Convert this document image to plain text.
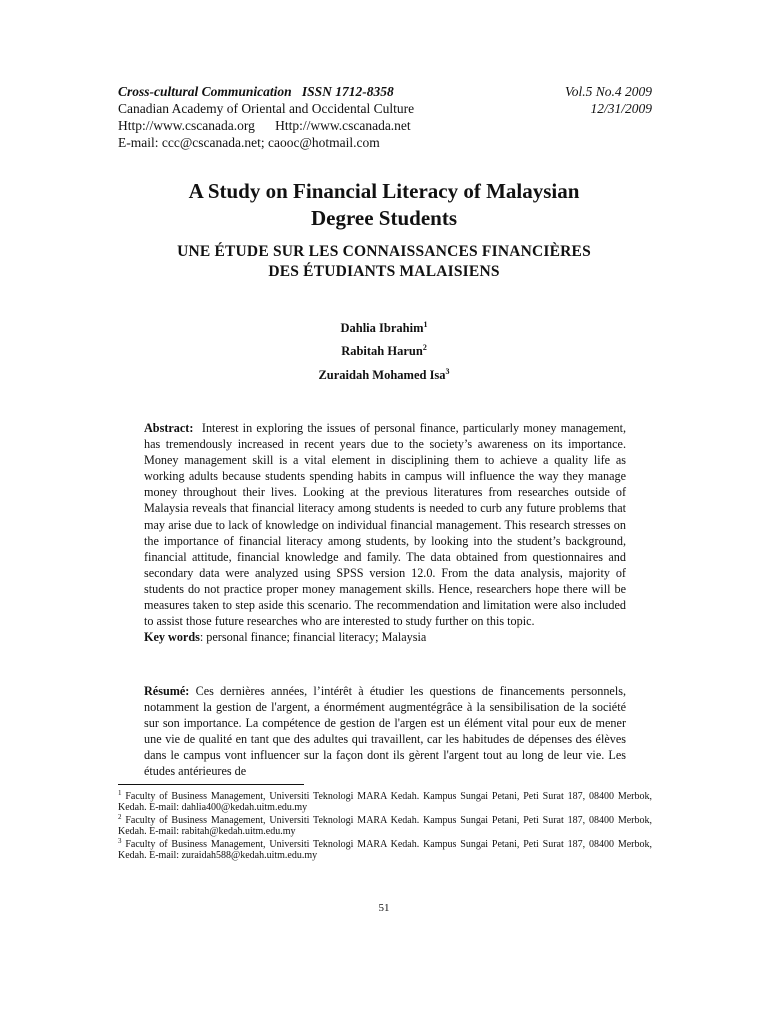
Cross-cultural Communication ISSN 1712-8358	Vol.5 No.4 2009
Canadian Academy of Oriental and Occidental Culture	12/31/2009
Http://www.cscanada.org Http://www.cscanada.net
E-mail: ccc@cscanada.net; caooc@hotmail.com
A Study on Financial Literacy of Malaysian
Degree Students
UNE ÉTUDE SUR LES CONNAISSANCES FINANCIÈRES
DES ÉTUDIANTS MALAISIENS
Dahlia Ibrahim$^1$
Rabitah Harun$^2$
Zuraidah Mohamed Isa$^3$
Abstract: Interest in exploring the issues of personal finance, particularly money management, has tremendously increased in recent years due to the society’s awareness on its importance. Money management skill is a vital element in disciplining them to achieve a quality life as working adults because students spending habits in campus will influence the way they manage money throughout their lives. Looking at the previous literatures from researches outside of Malaysia reveals that financial literacy among students is needed to curb any future problems that may arise due to lack of knowledge on individual financial management. This research stresses on the importance of financial literacy among students, by looking into the student’s background, financial attitude, financial knowledge and family. The data obtained from questionnaires and secondary data were analyzed using SPSS version 12.0. From the data analysis, majority of students do not practice proper money management skills. Hence, researchers hope there will be measures taken to step aside this scenario. The recommendation and limitation were also included to assist those future researches who are interested to study further on this topic.
Key words: personal finance; financial literacy; Malaysia
Résumé: Ces dernières années, l’intérêt à étudier les questions de financements personnels, notamment la gestion de l'argent, a énormément augmentégrâce à la sensibilisation de la société sur son importance. La compétence de gestion de l'argen est un élément vital pour eux de mener une vie de qualité en tant que des adultes qui travaillent, car les habitudes de dépenses des élèves dans le campus vont influencer sur la façon dont ils gèrent l'argent tout au long de leur vie. Les études antérieures de
$^1$ Faculty of Business Management, Universiti Teknologi MARA Kedah. Kampus Sungai Petani, Peti Surat 187, 08400 Merbok, Kedah. E-mail: dahlia400@kedah.uitm.edu.my
$^2$ Faculty of Business Management, Universiti Teknologi MARA Kedah. Kampus Sungai Petani, Peti Surat 187, 08400 Merbok, Kedah. E-mail: rabitah@kedah.uitm.edu.my
$^3$ Faculty of Business Management, Universiti Teknologi MARA Kedah. Kampus Sungai Petani, Peti Surat 187, 08400 Merbok, Kedah. E-mail: zuraidah588@kedah.uitm.edu.my
51
